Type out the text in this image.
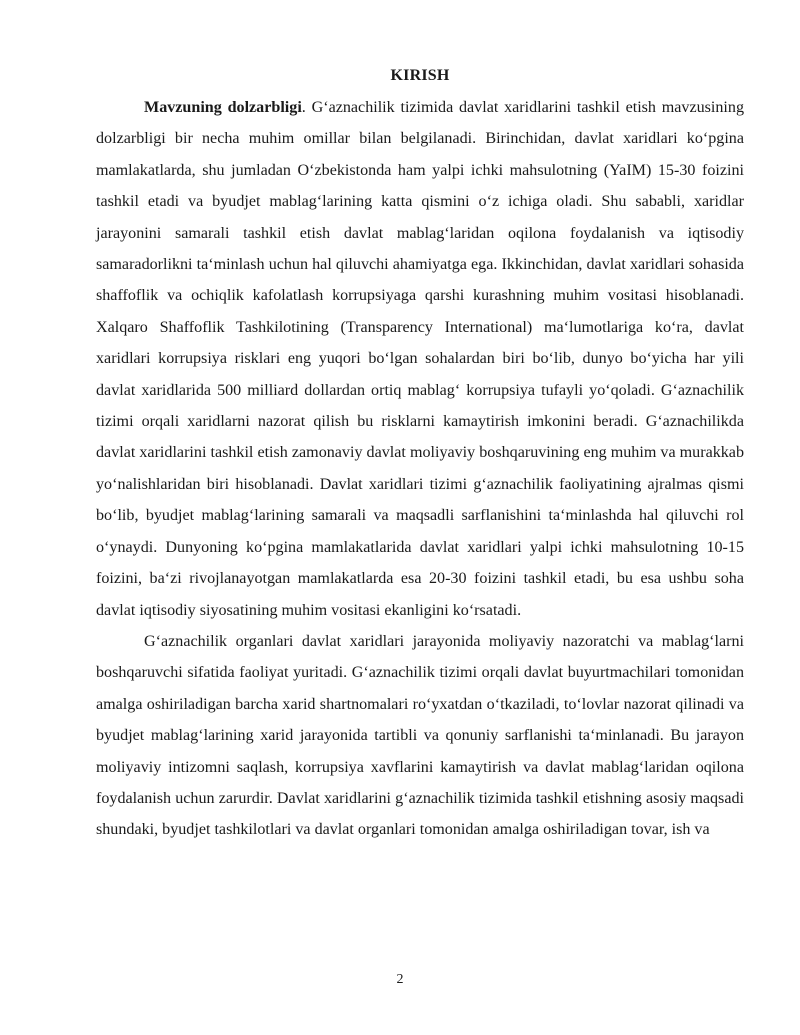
KIRISH

Mavzuning dolzarbligi. G‘aznachilik tizimida davlat xaridlarini tashkil etish mavzusining dolzarbligi bir necha muhim omillar bilan belgilanadi. Birinchidan, davlat xaridlari ko‘pgina mamlakatlarda, shu jumladan O‘zbekistonda ham yalpi ichki mahsulotning (YaIM) 15-30 foizini tashkil etadi va byudjet mablag‘larining katta qismini o‘z ichiga oladi. Shu sababli, xaridlar jarayonini samarali tashkil etish davlat mablag‘laridan oqilona foydalanish va iqtisodiy samaradorlikni ta‘minlash uchun hal qiluvchi ahamiyatga ega. Ikkinchidan, davlat xaridlari sohasida shaffoflik va ochiqlik kafolatlash korrupsiyaga qarshi kurashning muhim vositasi hisoblanadi. Xalqaro Shaffoflik Tashkilotining (Transparency International) ma‘lumotlariga ko‘ra, davlat xaridlari korrupsiya risklari eng yuqori bo‘lgan sohalardan biri bo‘lib, dunyo bo‘yicha har yili davlat xaridlarida 500 milliard dollardan ortiq mablag‘ korrupsiya tufayli yo‘qoladi. G‘aznachilik tizimi orqali xaridlarni nazorat qilish bu risklarni kamaytirish imkonini beradi. G‘aznachilikda davlat xaridlarini tashkil etish zamonaviy davlat moliyaviy boshqaruvining eng muhim va murakkab yo‘nalishlaridan biri hisoblanadi. Davlat xaridlari tizimi g‘aznachilik faoliyatining ajralmas qismi bo‘lib, byudjet mablag‘larining samarali va maqsadli sarflanishini ta‘minlashda hal qiluvchi rol o‘ynaydi. Dunyoning ko‘pgina mamlakatlarida davlat xaridlari yalpi ichki mahsulotning 10-15 foizini, ba‘zi rivojlanayotgan mamlakatlarda esa 20-30 foizini tashkil etadi, bu esa ushbu soha davlat iqtisodiy siyosatining muhim vositasi ekanligini ko‘rsatadi.

G‘aznachilik organlari davlat xaridlari jarayonida moliyaviy nazoratchi va mablag‘larni boshqaruvchi sifatida faoliyat yuritadi. G‘aznachilik tizimi orqali davlat buyurtmachilari tomonidan amalga oshiriladigan barcha xarid shartnomalari ro‘yxatdan o‘tkaziladi, to‘lovlar nazorat qilinadi va byudjet mablag‘larining xarid jarayonida tartibli va qonuniy sarflanishi ta‘minlanadi. Bu jarayon moliyaviy intizomni saqlash, korrupsiya xavflarini kamaytirish va davlat mablag‘laridan oqilona foydalanish uchun zarurdir. Davlat xaridlarini g‘aznachilik tizimida tashkil etishning asosiy maqsadi shundaki, byudjet tashkilotlari va davlat organlari tomonidan amalga oshiriladigan tovar, ish va

2
